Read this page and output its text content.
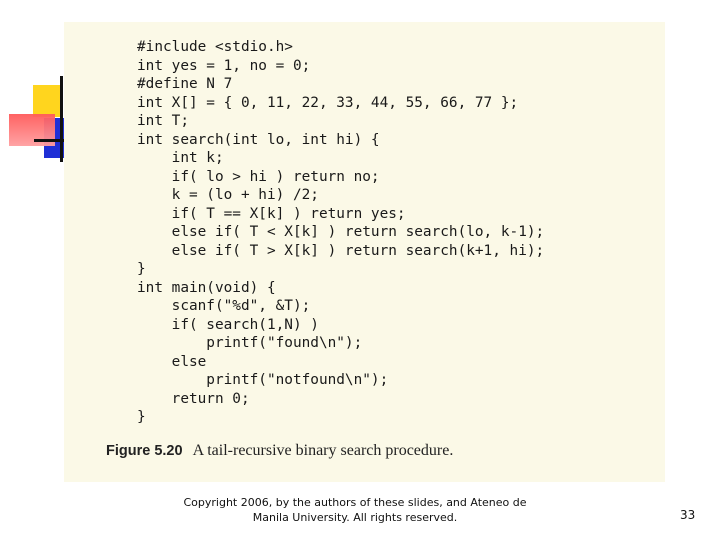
#include <stdio.h>
int yes = 1, no = 0;
#define N 7
int X[] = { 0, 11, 22, 33, 44, 55, 66, 77 };
int T;
int search(int lo, int hi) {
int k;
if( lo > hi ) return no;
k = (lo + hi) /2;
if( T == X[k] ) return yes;
else if( T < X[k] ) return search(lo, k-1);
else if( T > X[k] ) return search(k+1, hi);
}
int main(void) {
scanf("%d", &T);
if( search(1,N) )
printf("found\n");
else
printf("notfound\n");
return 0;
}
Figure 5.20 A tail-recursive binary search procedure.
Copyright 2006, by the authors of these slides, and Ateneo de
Manila University. All rights reserved.	33
